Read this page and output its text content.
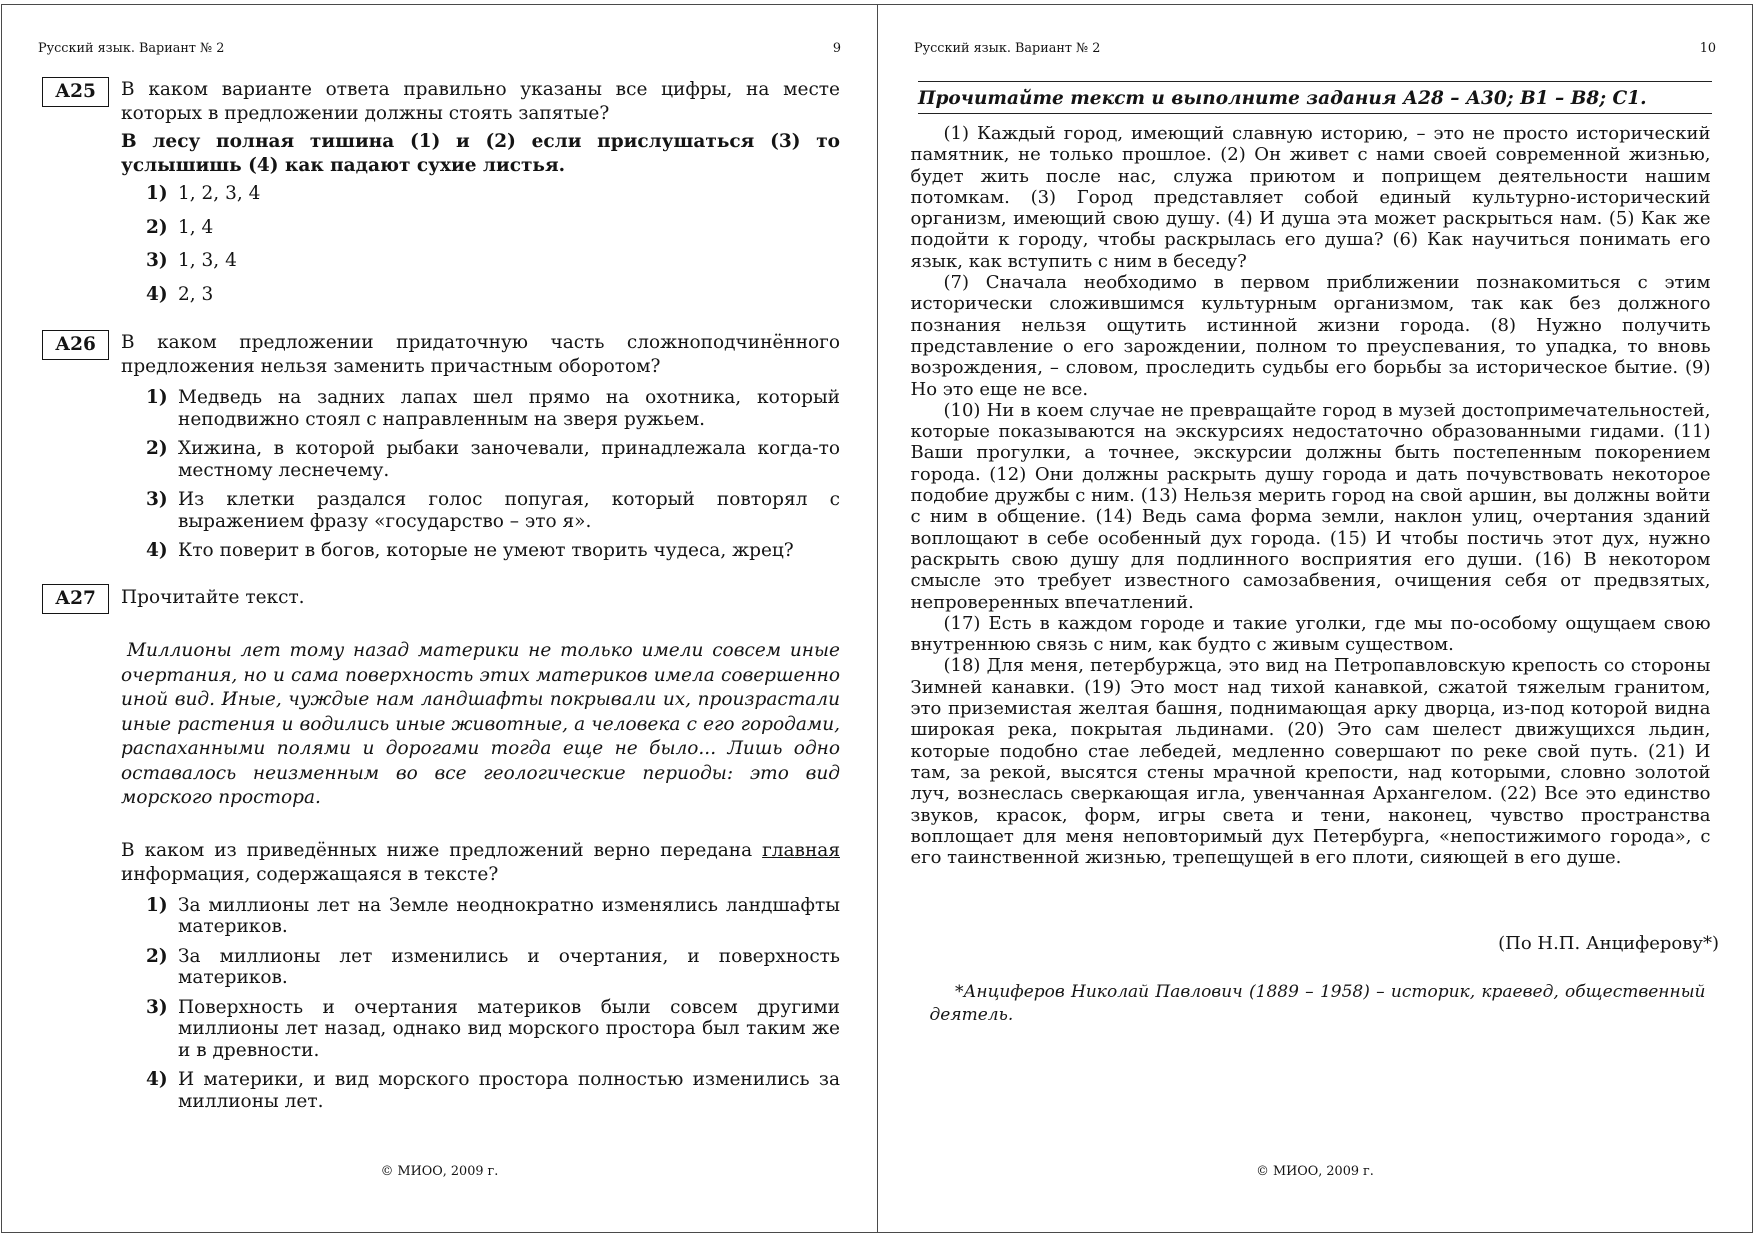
Русский язык. Вариант № 2	9
А25	В каком варианте ответа правильно указаны все цифры, на месте которых в предложении должны стоять запятые?

В лесу полная тишина (1) и (2) если прислушаться (3) то услышишь (4) как падают сухие листья.

1) 1, 2, 3, 4
2) 1, 4
3) 1, 3, 4
4) 2, 3
А26	В каком предложении придаточную часть сложноподчинённого предложения нельзя заменить причастным оборотом?

1) Медведь на задних лапах шел прямо на охотника, который неподвижно стоял с направленным на зверя ружьем.
2) Хижина, в которой рыбаки заночевали, принадлежала когда-то местному леснечему.
3) Из клетки раздался голос попугая, который повторял с выражением фразу «государство – это я».
4) Кто поверит в богов, которые не умеют творить чудеса, жрец?
А27	Прочитайте текст.

Миллионы лет тому назад материки не только имели совсем иные очертания, но и сама поверхность этих материков имела совершенно иной вид. Иные, чуждые нам ландшафты покрывали их, произрастали иные растения и водились иные животные, а человека с его городами, распаханными полями и дорогами тогда еще не было... Лишь одно оставалось неизменным во все геологические периоды: это вид морского простора.

В каком из приведённых ниже предложений верно передана главная информация, содержащаяся в тексте?

1) За миллионы лет на Земле неоднократно изменялись ландшафты материков.
2) За миллионы лет изменились и очертания, и поверхность материков.
3) Поверхность и очертания материков были совсем другими миллионы лет назад, однако вид морского простора был таким же и в древности.
4) И материки, и вид морского простора полностью изменились за миллионы лет.
© МИОО, 2009 г.
Русский язык. Вариант № 2	10
Прочитайте текст и выполните задания А28 – А30; В1 – В8; С1.

(1) Каждый город, имеющий славную историю, – это не просто исторический памятник, не только прошлое. (2) Он живет с нами своей современной жизнью, будет жить после нас, служа приютом и поприщем деятельности нашим потомкам. (3) Город представляет собой единый культурно-исторический организм, имеющий свою душу. (4) И душа эта может раскрыться нам. (5) Как же подойти к городу, чтобы раскрылась его душа? (6) Как научиться понимать его язык, как вступить с ним в беседу?

(7) Сначала необходимо в первом приближении познакомиться с этим исторически сложившимся культурным организмом, так как без должного познания нельзя ощутить истинной жизни города. (8) Нужно получить представление о его зарождении, полном то преуспевания, то упадка, то вновь возрождения, – словом, проследить судьбы его борьбы за историческое бытие. (9) Но это еще не все.

(10) Ни в коем случае не превращайте город в музей достопримечательностей, которые показываются на экскурсиях недостаточно образованными гидами. (11) Ваши прогулки, а точнее, экскурсии должны быть постепенным покорением города. (12) Они должны раскрыть душу города и дать почувствовать некоторое подобие дружбы с ним. (13) Нельзя мерить город на свой аршин, вы должны войти с ним в общение. (14) Ведь сама форма земли, наклон улиц, очертания зданий воплощают в себе особенный дух города. (15) И чтобы постичь этот дух, нужно раскрыть свою душу для подлинного восприятия его души. (16) В некотором смысле это требует известного самозабвения, очищения себя от предвзятых, непроверенных впечатлений.

(17) Есть в каждом городе и такие уголки, где мы по-особому ощущаем свою внутреннюю связь с ним, как будто с живым существом.

(18) Для меня, петербуржца, это вид на Петропавловскую крепость со стороны Зимней канавки. (19) Это мост над тихой канавкой, сжатой тяжелым гранитом, это приземистая желтая башня, поднимающая арку дворца, из-под которой видна широкая река, покрытая льдинами. (20) Это сам шелест движущихся льдин, которые подобно стае лебедей, медленно совершают по реке свой путь. (21) И там, за рекой, высятся стены мрачной крепости, над которыми, словно золотой луч, вознеслась сверкающая игла, увенчанная Архангелом. (22) Все это единство звуков, красок, форм, игры света и тени, наконец, чувство пространства воплощает для меня неповторимый дух Петербурга, «непостижимого города», с его таинственной жизнью, трепещущей в его плоти, сияющей в его душе.

(По Н.П. Анциферову*)

*Анциферов Николай Павлович (1889 – 1958) – историк, краевед, общественный деятель.

© МИОО, 2009 г.
